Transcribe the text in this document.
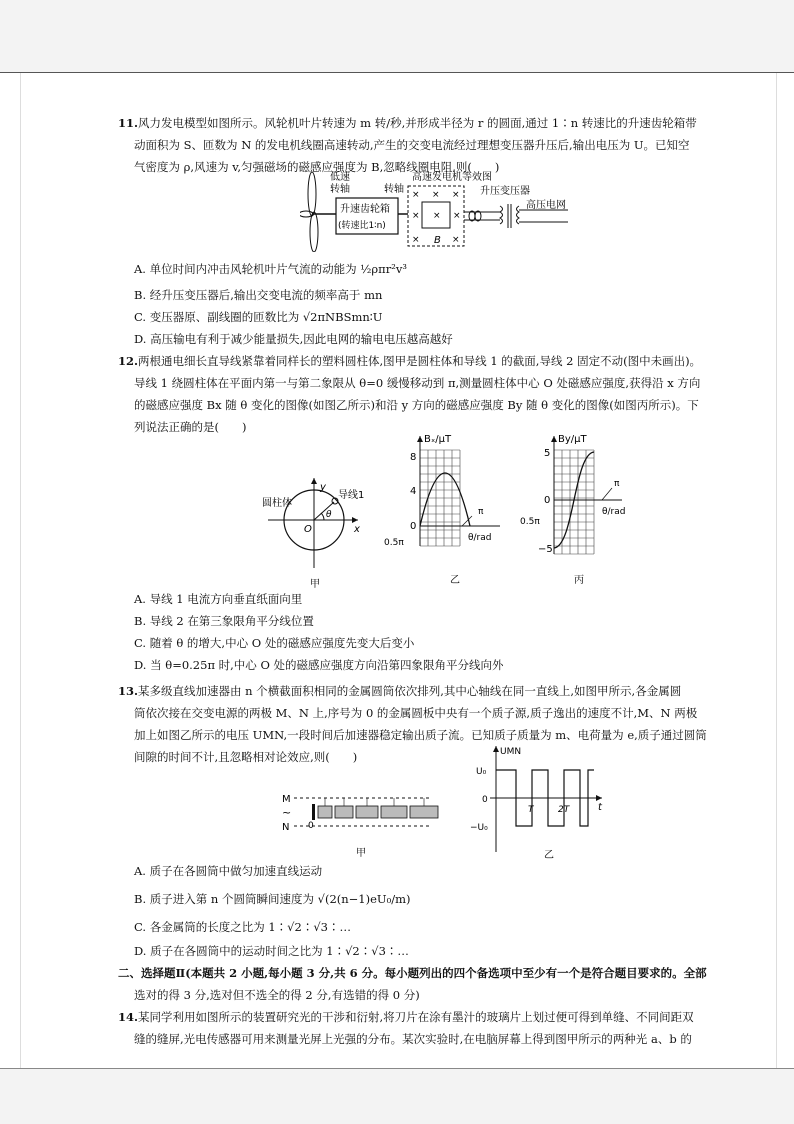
11.风力发电模型如图所示。风轮机叶片转速为 m 转/秒,并形成半径为 r 的圆面,通过 1∶n 转速比的升速齿轮箱带
动面积为 S、匝数为 N 的发电机线圈高速转动,产生的交变电流经过理想变压器升压后,输出电压为 U。已知空
气密度为 ρ,风速为 v,匀强磁场的磁感应强度为 B,忽略线圈电阻,则(　　)
低速
转轴
升速齿轮箱
(转速比1∶n)
转轴
高速发电机等效图
× × ×
× × ×
×	×
B
升压变压器
高压电网
A. 单位时间内冲击风轮机叶片气流的动能为 ½ρπr²v³
B. 经升压变压器后,输出交变电流的频率高于 mn
C. 变压器原、副线圈的匝数比为 √2πNBSmn∶U
D. 高压输电有利于减少能量损失,因此电网的输电电压越高越好
12.两根通电细长直导线紧靠着同样长的塑料圆柱体,图甲是圆柱体和导线 1 的截面,导线 2 固定不动(图中未画出)。
导线 1 绕圆柱体在平面内第一与第二象限从 θ=0 缓慢移动到 π,测量圆柱体中心 O 处磁感应强度,获得沿 x 方向
的磁感应强度 Bx 随 θ 变化的图像(如图乙所示)和沿 y 方向的磁感应强度 By 随 θ 变化的图像(如图丙所示)。下
列说法正确的是(　　)
y
x
O
θ
圆柱体
导线1
甲
Bₓ/μT
8
4
0
0.5π
π
θ/rad
乙
By/μT
5
0
−5
0.5π
π
θ/rad
丙
A. 导线 1 电流方向垂直纸面向里
B. 导线 2 在第三象限角平分线位置
C. 随着 θ 的增大,中心 O 处的磁感应强度先变大后变小
D. 当 θ=0.25π 时,中心 O 处的磁感应强度方向沿第四象限角平分线向外
13.某多级直线加速器由 n 个横截面积相同的金属圆筒依次排列,其中心轴线在同一直线上,如图甲所示,各金属圆
筒依次接在交变电源的两极 M、N 上,序号为 0 的金属圆板中央有一个质子源,质子逸出的速度不计,M、N 两极
加上如图乙所示的电压 UMN,一段时间后加速器稳定输出质子流。已知质子质量为 m、电荷量为 e,质子通过圆筒
间隙的时间不计,且忽略相对论效应,则(　　)
M
N
~
0
甲
UMN
U₀
0
−U₀
T	2T	t
乙
A. 质子在各圆筒中做匀加速直线运动
B. 质子进入第 n 个圆筒瞬间速度为 √(2(n−1)eU₀/m)
C. 各金属筒的长度之比为 1∶√2∶√3∶…
D. 质子在各圆筒中的运动时间之比为 1∶√2∶√3∶…
二、选择题Ⅱ(本题共 2 小题,每小题 3 分,共 6 分。每小题列出的四个备选项中至少有一个是符合题目要求的。全部
选对的得 3 分,选对但不选全的得 2 分,有选错的得 0 分)
14.某同学利用如图所示的装置研究光的干涉和衍射,将刀片在涂有墨汁的玻璃片上划过便可得到单缝、不同间距双
缝的缝屏,光电传感器可用来测量光屏上光强的分布。某次实验时,在电脑屏幕上得到图甲所示的两种光 a、b 的
